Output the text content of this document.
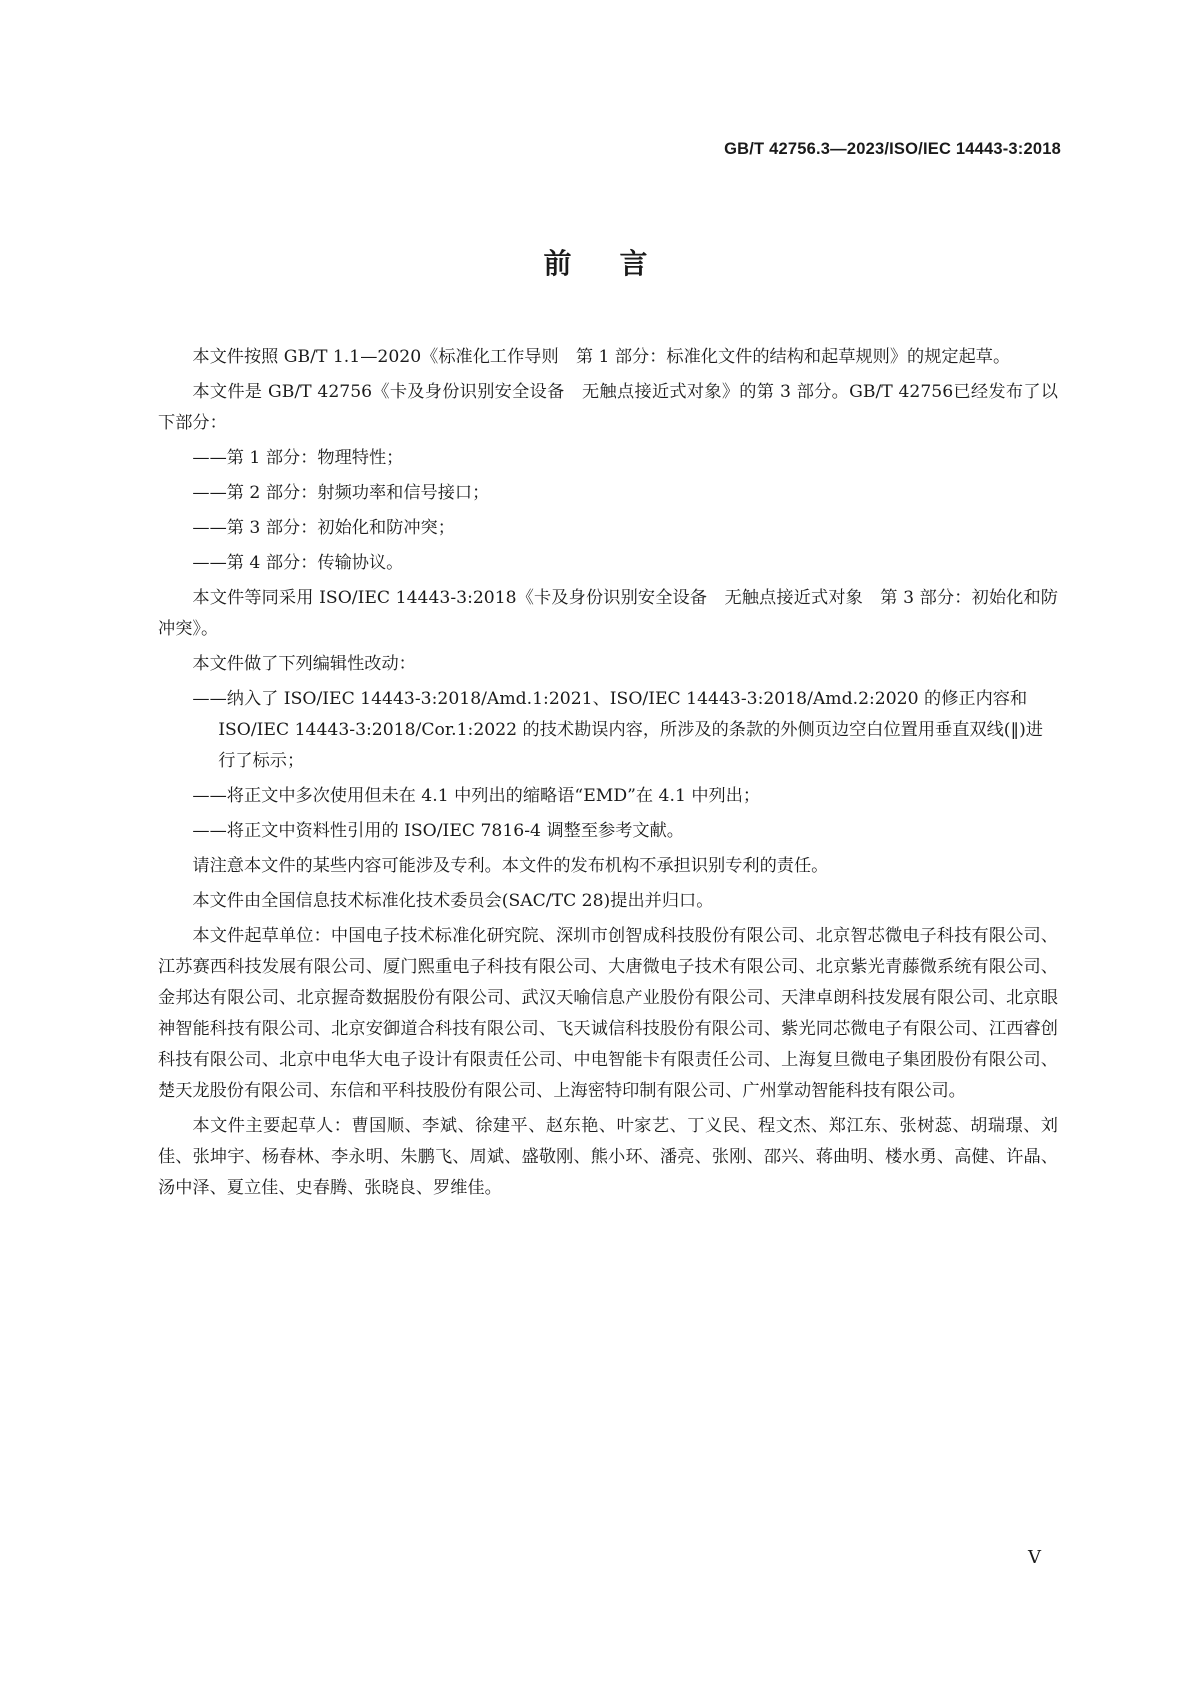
GB/T 42756.3—2023/ISO/IEC 14443-3:2018
前言

本文件按照 GB/T 1.1—2020《标准化工作导则　第 1 部分：标准化文件的结构和起草规则》的规定起草。

本文件是 GB/T 42756《卡及身份识别安全设备　无触点接近式对象》的第 3 部分。GB/T 42756已经发布了以下部分：

——第 1 部分：物理特性；
——第 2 部分：射频功率和信号接口；
——第 3 部分：初始化和防冲突；
——第 4 部分：传输协议。

本文件等同采用 ISO/IEC 14443-3:2018《卡及身份识别安全设备　无触点接近式对象　第 3 部分：初始化和防冲突》。

本文件做了下列编辑性改动：

——纳入了 ISO/IEC 14443-3:2018/Amd.1:2021、ISO/IEC 14443-3:2018/Amd.2:2020 的修正内容和 ISO/IEC 14443-3:2018/Cor.1:2022 的技术勘误内容，所涉及的条款的外侧页边空白位置用垂直双线(‖)进行了标示；
——将正文中多次使用但未在 4.1 中列出的缩略语“EMD”在 4.1 中列出；
——将正文中资料性引用的 ISO/IEC 7816-4 调整至参考文献。

请注意本文件的某些内容可能涉及专利。本文件的发布机构不承担识别专利的责任。

本文件由全国信息技术标准化技术委员会(SAC/TC 28)提出并归口。

本文件起草单位：中国电子技术标准化研究院、深圳市创智成科技股份有限公司、北京智芯微电子科技有限公司、江苏赛西科技发展有限公司、厦门熙重电子科技有限公司、大唐微电子技术有限公司、北京紫光青藤微系统有限公司、金邦达有限公司、北京握奇数据股份有限公司、武汉天喻信息产业股份有限公司、天津卓朗科技发展有限公司、北京眼神智能科技有限公司、北京安御道合科技有限公司、飞天诚信科技股份有限公司、紫光同芯微电子有限公司、江西睿创科技有限公司、北京中电华大电子设计有限责任公司、中电智能卡有限责任公司、上海复旦微电子集团股份有限公司、楚天龙股份有限公司、东信和平科技股份有限公司、上海密特印制有限公司、广州掌动智能科技有限公司。

本文件主要起草人：曹国顺、李斌、徐建平、赵东艳、叶家艺、丁义民、程文杰、郑江东、张树蕊、胡瑞璟、刘佳、张坤宇、杨春林、李永明、朱鹏飞、周斌、盛敬刚、熊小环、潘亮、张刚、邵兴、蒋曲明、楼水勇、高健、许晶、汤中泽、夏立佳、史春腾、张晓良、罗维佳。

V
